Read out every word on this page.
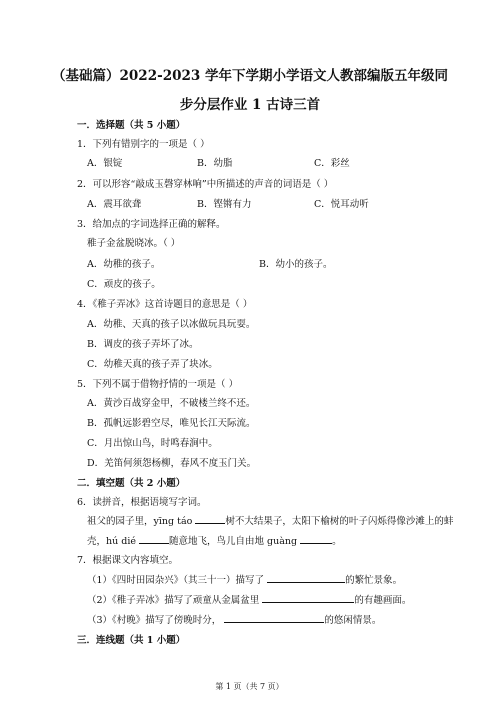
（基础篇）2022-2023 学年下学期小学语文人教部编版五年级同
步分层作业 1 古诗三首
一．选择题（共 5 小题）
1．下列有错别字的一项是（ ）
A．银锭	B．幼脂	C．彩丝
2．可以形容“敲成玉磬穿林响”中所描述的声音的词语是（ ）
A．震耳欲聋	B．铿锵有力	C．悦耳动听
3．给加点的字词选择正确的解释。
稚子金盆脱晓冰。（ ）
A．幼稚的孩子。	B．幼小的孩子。
C．顽皮的孩子。
4．《稚子弄冰》这首诗题目的意思是（ ）
A．幼稚、天真的孩子以冰做玩具玩耍。
B．调皮的孩子弄坏了冰。
C．幼稚天真的孩子弄了块冰。
5．下列不属于借物抒情的一项是（ ）
A．黄沙百战穿金甲，不破楼兰终不还。
B．孤帆远影碧空尽，唯见长江天际流。
C．月出惊山鸟，时鸣春涧中。
D．羌笛何须怨杨柳，春风不度玉门关。
二．填空题（共 2 小题）
6．读拼音，根据语境写字词。
祖父的园子里，yīng táo	树不大结果子，太阳下榆树的叶子闪烁得像沙滩上的蚌
壳，hú dié	随意地飞，鸟儿自由地 guàng	。
7．根据课文内容填空。
（1）《四时田园杂兴》（其三十一）描写了	的繁忙景象。
（2）《稚子弄冰》描写了顽童从金属盆里	的有趣画面。
（3）《村晚》描写了傍晚时分，	的悠闲情景。
三．连线题（共 1 小题）
第 1 页（共 7 页）
